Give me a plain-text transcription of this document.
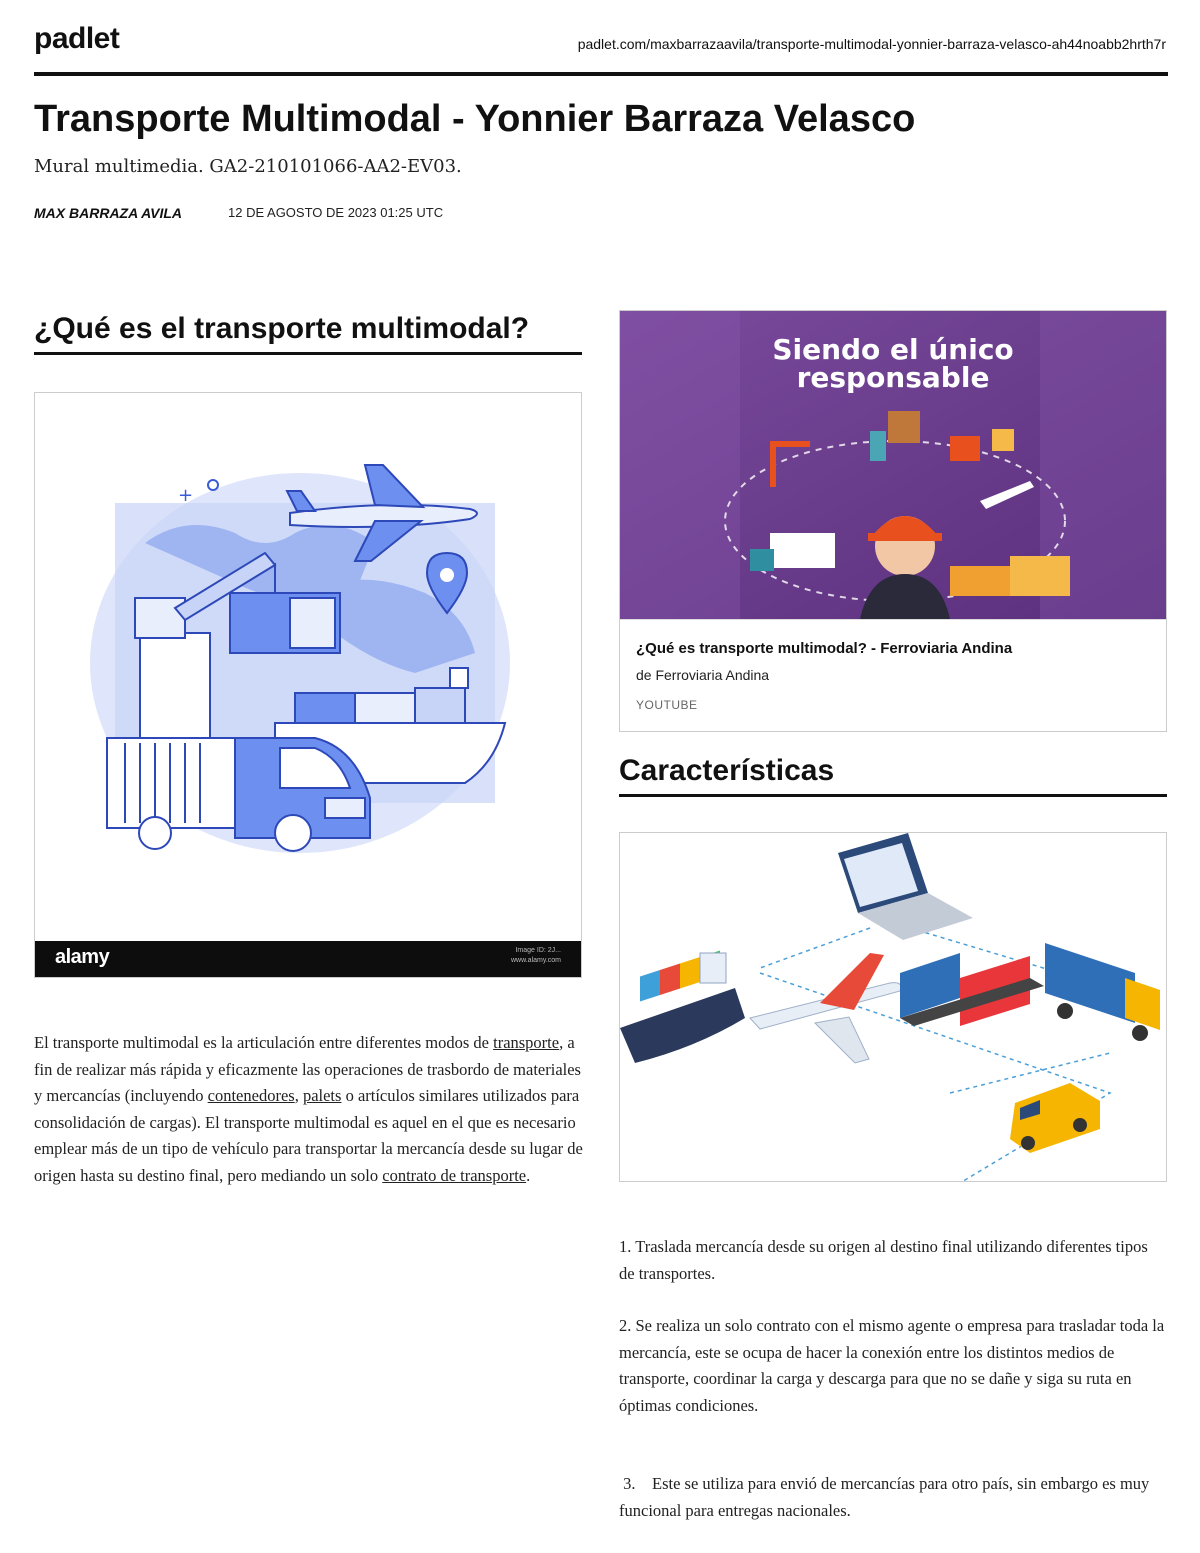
padlet	padlet.com/maxbarrazaavila/transporte-multimodal-yonnier-barraza-velasco-ah44noabb2hrth7r
Transporte Multimodal - Yonnier Barraza Velasco
Mural multimedia. GA2-210101066-AA2-EV03.
MAX BARRAZA AVILA	12 DE AGOSTO DE 2023 01:25 UTC
¿Qué es el transporte multimodal?
+
alamy	Image ID: 2J...
www.alamy.com

El transporte multimodal es la articulación entre diferentes modos de transporte, a fin de realizar más rápida y eficazmente las operaciones de trasbordo de materiales y mercancías (incluyendo contenedores, palets o artículos similares utilizados para consolidación de cargas). El transporte multimodal es aquel en el que es necesario emplear más de un tipo de vehículo para transportar la mercancía desde su lugar de origen hasta su destino final, pero mediando un solo contrato de transporte.

Siendo el único
responsable
¿Qué es transporte multimodal? - Ferroviaria Andina
de Ferroviaria Andina
YOUTUBE
Características

1. Traslada mercancía desde su origen al destino final utilizando diferentes tipos de transportes.

2. Se realiza un solo contrato con el mismo agente o empresa para trasladar toda la mercancía, este se ocupa de hacer la conexión entre los distintos medios de transporte, coordinar la carga y descarga para que no se dañe y siga su ruta en óptimas condiciones.

3.    Este se utiliza para envió de mercancías para otro país, sin embargo es muy funcional para entregas nacionales.
